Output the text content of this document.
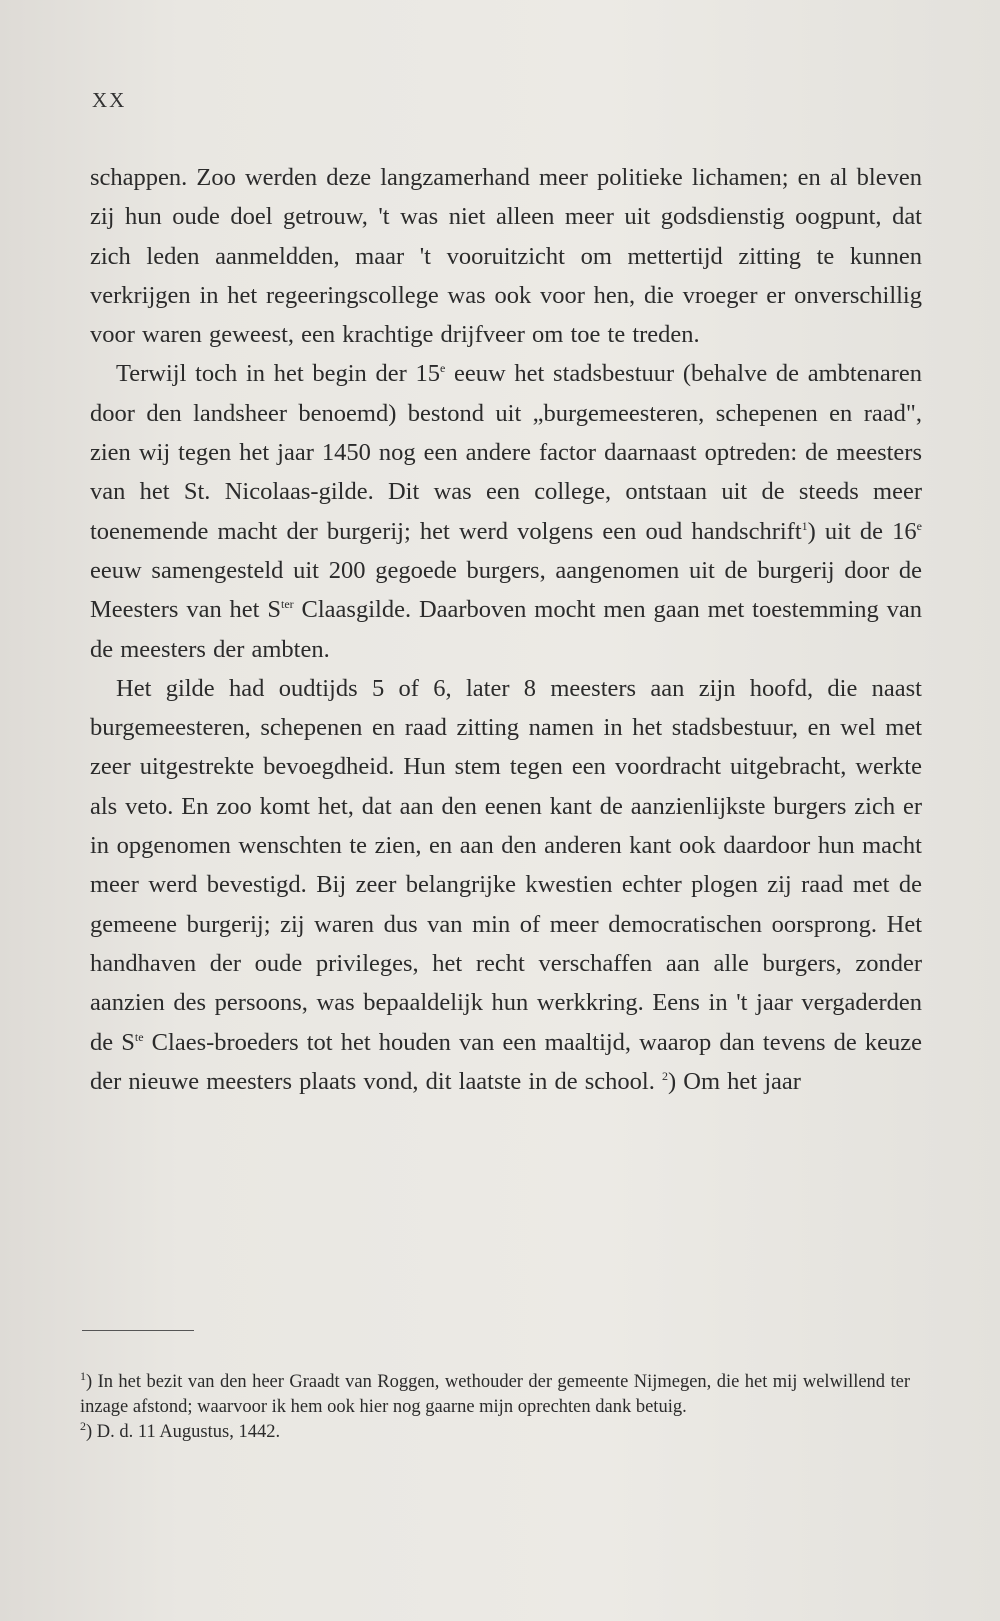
XX

schappen. Zoo werden deze langzamerhand meer politieke lichamen; en al bleven zij hun oude doel getrouw, 't was niet alleen meer uit godsdienstig oogpunt, dat zich leden aanmeldden, maar 't vooruitzicht om mettertijd zitting te kunnen verkrijgen in het regeeringscollege was ook voor hen, die vroeger er onverschillig voor waren geweest, een krachtige drijfveer om toe te treden.

Terwijl toch in het begin der 15e eeuw het stadsbestuur (behalve de ambtenaren door den landsheer benoemd) bestond uit „burgemeesteren, schepenen en raad", zien wij tegen het jaar 1450 nog een andere factor daarnaast optreden: de meesters van het St. Nicolaas-gilde. Dit was een college, ontstaan uit de steeds meer toenemende macht der burgerij; het werd volgens een oud handschrift$^1$) uit de 16e eeuw samengesteld uit 200 gegoede burgers, aangenomen uit de burgerij door de Meesters van het $S^{ter}$ Claasgilde. Daarboven mocht men gaan met toestemming van de meesters der ambten.

Het gilde had oudtijds 5 of 6, later 8 meesters aan zijn hoofd, die naast burgemeesteren, schepenen en raad zitting namen in het stadsbestuur, en wel met zeer uitgestrekte bevoegdheid. Hun stem tegen een voordracht uitgebracht, werkte als veto. En zoo komt het, dat aan den eenen kant de aanzienlijkste burgers zich er in opgenomen wenschten te zien, en aan den anderen kant ook daardoor hun macht meer werd bevestigd. Bij zeer belangrijke kwestien echter plogen zij raad met de gemeene burgerij; zij waren dus van min of meer democratischen oorsprong. Het handhaven der oude privileges, het recht verschaffen aan alle burgers, zonder aanzien des persoons, was bepaaldelijk hun werkkring. Eens in 't jaar vergaderden de $S^{te}$ Claes-broeders tot het houden van een maaltijd, waarop dan tevens de keuze der nieuwe meesters plaats vond, dit laatste in de school. $^2$) Om het jaar

$^1$) In het bezit van den heer Graadt van Roggen, wethouder der gemeente Nijmegen, die het mij welwillend ter inzage afstond; waarvoor ik hem ook hier nog gaarne mijn oprechten dank betuig.

$^2$) D. d. 11 Augustus, 1442.
